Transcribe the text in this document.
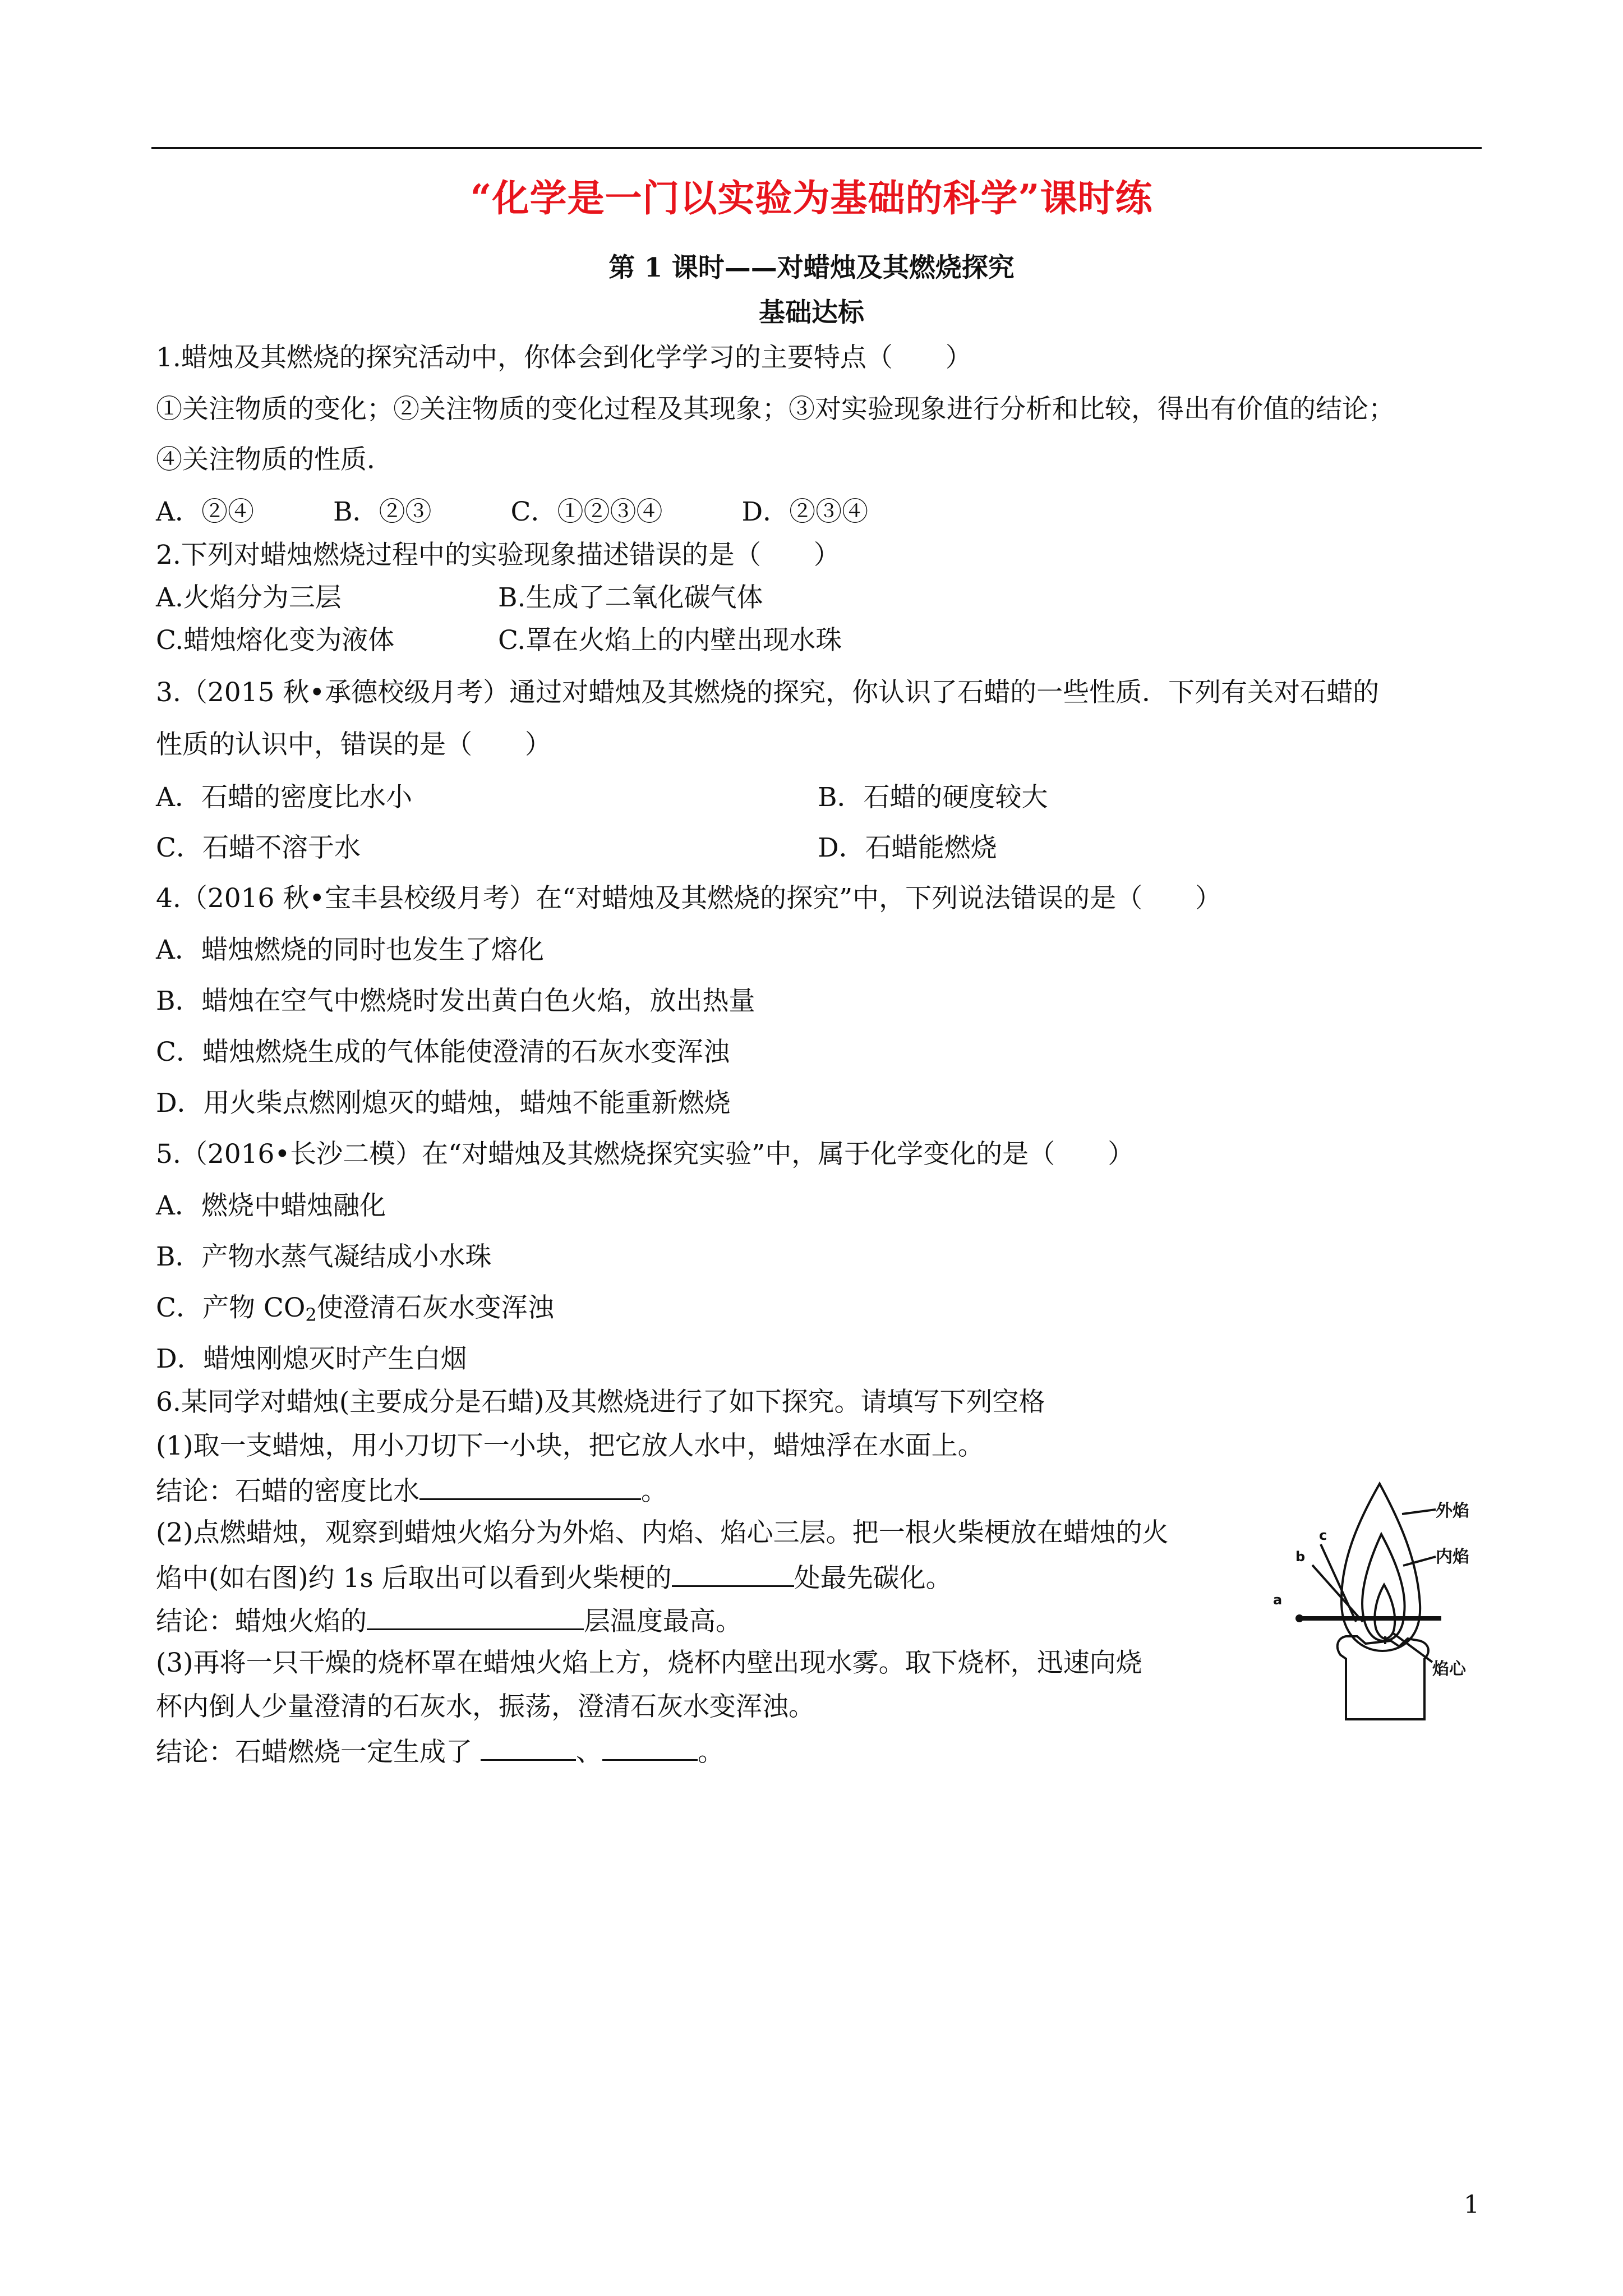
“化学是一门以实验为基础的科学”课时练
第 1 课时——对蜡烛及其燃烧探究
基础达标
1.蜡烛及其燃烧的探究活动中，你体会到化学学习的主要特点（　　）
①关注物质的变化；②关注物质的变化过程及其现象；③对实验现象进行分析和比较，得出有价值的结论；
④关注物质的性质．
A．②④　　　B．②③　　　C．①②③④　　　D．②③④
2.下列对蜡烛燃烧过程中的实验现象描述错误的是（　　）
A.火焰分为三层	B.生成了二氧化碳气体
C.蜡烛熔化变为液体	C.罩在火焰上的内壁出现水珠
3.（2015 秋•承德校级月考）通过对蜡烛及其燃烧的探究，你认识了石蜡的一些性质．下列有关对石蜡的
性质的认识中，错误的是（　　）
A．石蜡的密度比水小	B．石蜡的硬度较大
C．石蜡不溶于水	D．石蜡能燃烧
4.（2016 秋•宝丰县校级月考）在“对蜡烛及其燃烧的探究”中，下列说法错误的是（　　）
A．蜡烛燃烧的同时也发生了熔化
B．蜡烛在空气中燃烧时发出黄白色火焰，放出热量
C．蜡烛燃烧生成的气体能使澄清的石灰水变浑浊
D．用火柴点燃刚熄灭的蜡烛，蜡烛不能重新燃烧
5.（2016•长沙二模）在“对蜡烛及其燃烧探究实验”中，属于化学变化的是（　　）
A．燃烧中蜡烛融化
B．产物水蒸气凝结成小水珠
C．产物 $CO_2$使澄清石灰水变浑浊
D．蜡烛刚熄灭时产生白烟
6.某同学对蜡烛(主要成分是石蜡)及其燃烧进行了如下探究。请填写下列空格
(1)取一支蜡烛，用小刀切下一小块，把它放人水中，蜡烛浮在水面上。
结论：石蜡的密度比水	。
(2)点燃蜡烛，观察到蜡烛火焰分为外焰、内焰、焰心三层。把一根火柴梗放在蜡烛的火
焰中(如右图)约 1s 后取出可以看到火柴梗的	处最先碳化。
结论：蜡烛火焰的	层温度最高。
(3)再将一只干燥的烧杯罩在蜡烛火焰上方，烧杯内壁出现水雾。取下烧杯，迅速向烧
杯内倒人少量澄清的石灰水，振荡，澄清石灰水变浑浊。
结论：石蜡燃烧一定生成了	、	。
外焰
内焰
焰心
a
b
c
1
